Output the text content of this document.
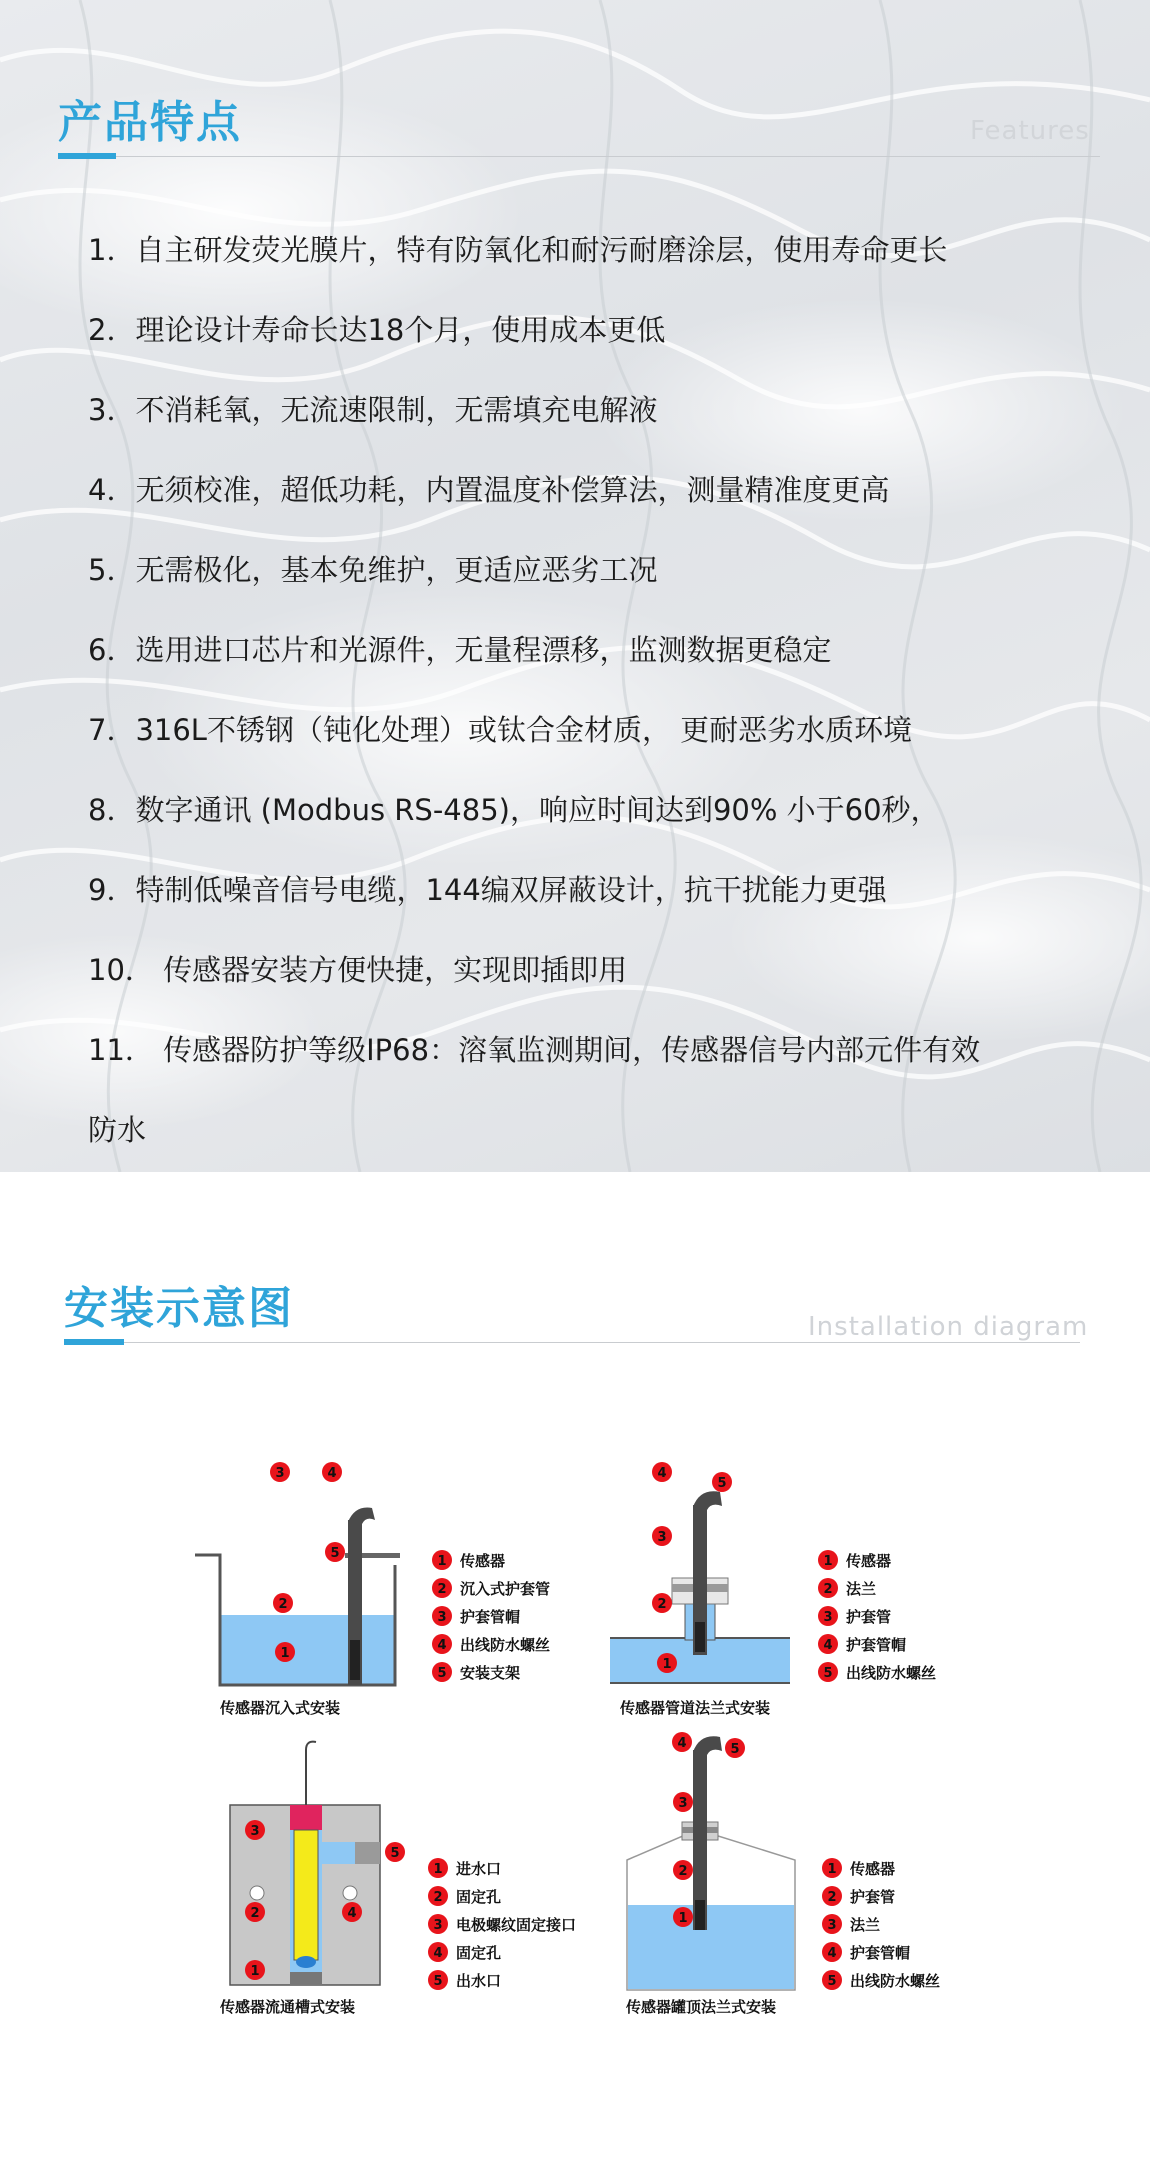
产品特点	Features
1．自主研发荧光膜片，特有防氧化和耐污耐磨涂层，使用寿命更长
2．理论设计寿命长达18个月，使用成本更低
3．不消耗氧，无流速限制，无需填充电解液
4．无须校准，超低功耗，内置温度补偿算法，测量精准度更高
5．无需极化，基本免维护，更适应恶劣工况
6．选用进口芯片和光源件，无量程漂移，监测数据更稳定
7．316L不锈钢（钝化处理）或钛合金材质， 更耐恶劣水质环境
8．数字通讯 (Modbus RS-485)，响应时间达到90% 小于60秒，
9．特制低噪音信号电缆，144编双屏蔽设计，抗干扰能力更强
10． 传感器安装方便快捷，实现即插即用
11． 传感器防护等级IP68：溶氧监测期间，传感器信号内部元件有效
防水
安装示意图	Installation diagram
3	4
5
2
1
传感器沉入式安装
1 传感器
2 沉入式护套管
3 护套管帽
4 出线防水螺丝
5 安装支架
4
5
3
2
1
传感器管道法兰式安装
1 传感器
2 法兰
3 护套管
4 护套管帽
5 出线防水螺丝
3
5
2	4
1
传感器流通槽式安装
1 进水口
2 固定孔
3 电极螺纹固定接口
4 固定孔
5 出水口
4	5
3
2
1
传感器罐顶法兰式安装
1 传感器
2 护套管
3 法兰
4 护套管帽
5 出线防水螺丝
